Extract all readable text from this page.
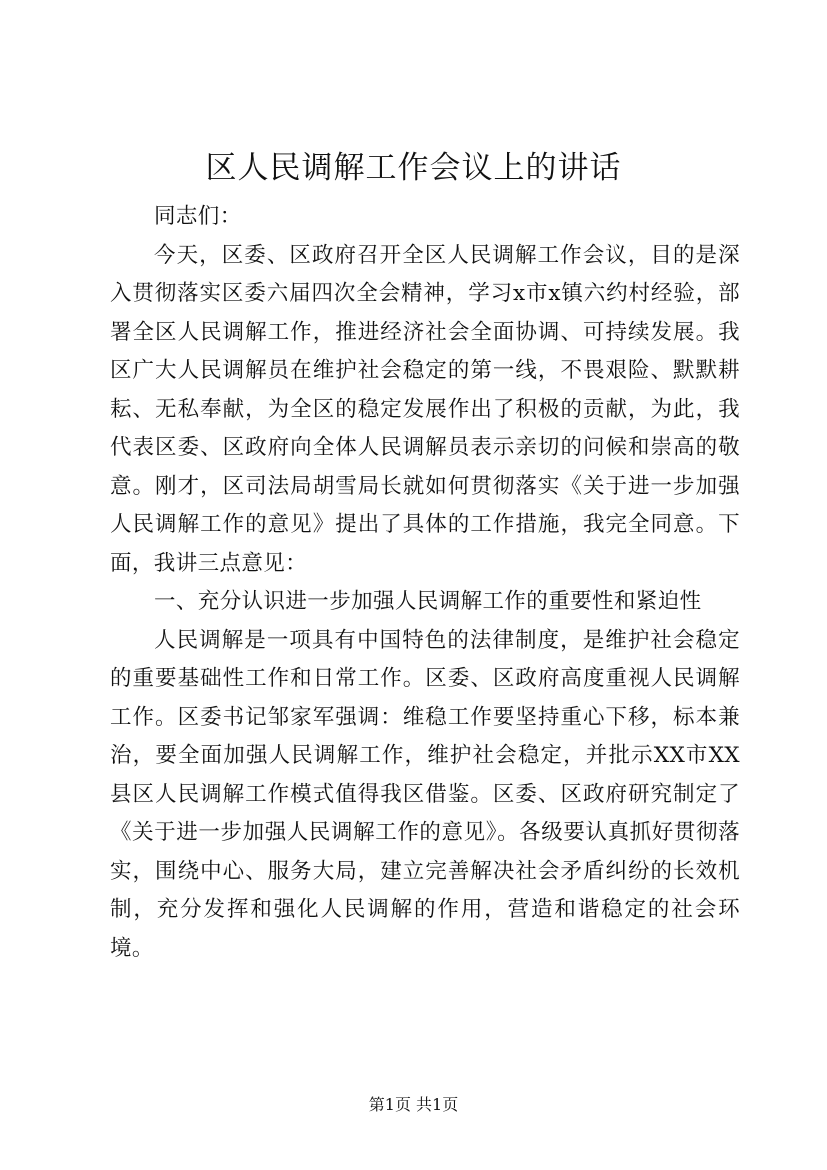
区人民调解工作会议上的讲话

同志们：

今天，区委、区政府召开全区人民调解工作会议，目的是深入贯彻落实区委六届四次全会精神，学习x市x镇六约村经验，部署全区人民调解工作，推进经济社会全面协调、可持续发展。我区广大人民调解员在维护社会稳定的第一线，不畏艰险、默默耕耘、无私奉献，为全区的稳定发展作出了积极的贡献，为此，我代表区委、区政府向全体人民调解员表示亲切的问候和崇高的敬意。刚才，区司法局胡雪局长就如何贯彻落实《关于进一步加强人民调解工作的意见》提出了具体的工作措施，我完全同意。下面，我讲三点意见：

一、充分认识进一步加强人民调解工作的重要性和紧迫性

人民调解是一项具有中国特色的法律制度，是维护社会稳定的重要基础性工作和日常工作。区委、区政府高度重视人民调解工作。区委书记邹家军强调：维稳工作要坚持重心下移，标本兼治，要全面加强人民调解工作，维护社会稳定，并批示XX市XX县区人民调解工作模式值得我区借鉴。区委、区政府研究制定了《关于进一步加强人民调解工作的意见》。各级要认真抓好贯彻落实，围绕中心、服务大局，建立完善解决社会矛盾纠纷的长效机制，充分发挥和强化人民调解的作用，营造和谐稳定的社会环境。

第1页 共1页
